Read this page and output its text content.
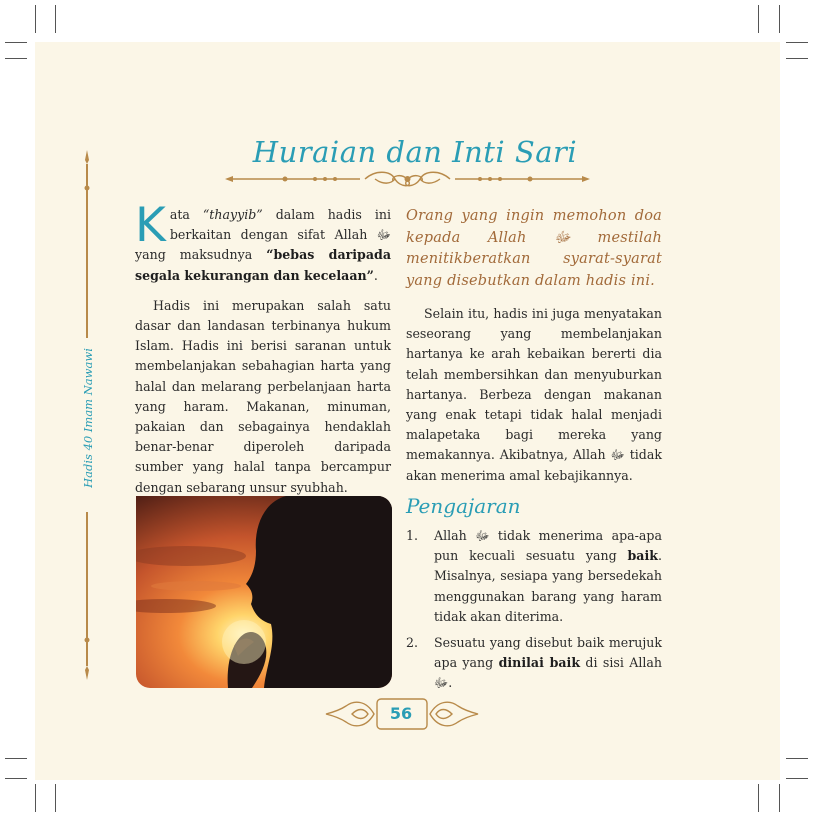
Huraian dan Inti Sari
Hadis 40 Imam Nawawi

Kata “thayyib” dalam hadis ini berkaitan dengan sifat Allah ﷻ yang maksudnya “bebas daripada segala kekurangan dan kecelaan”.

Hadis ini merupakan salah satu dasar dan landasan terbinanya hukum Islam. Hadis ini berisi saranan untuk membelanjakan sebahagian harta yang halal dan melarang perbelanjaan harta yang haram. Makanan, minuman, pakaian dan sebagainya hendaklah benar-benar diperoleh daripada sumber yang halal tanpa bercampur dengan sebarang unsur syubhah.

Orang yang ingin memohon doa kepada Allah ﷻ mestilah menitikberatkan syarat-syarat yang disebutkan dalam hadis ini.

Selain itu, hadis ini juga menyatakan seseorang yang membelanjakan hartanya ke arah kebaikan bererti dia telah membersihkan dan menyuburkan hartanya. Berbeza dengan makanan yang enak tetapi tidak halal menjadi malapetaka bagi mereka yang memakannya. Akibatnya, Allah ﷻ tidak akan menerima amal kebajikannya.

Pengajaran
1. Allah ﷻ tidak menerima apa-apa pun kecuali sesuatu yang baik. Misalnya, sesiapa yang bersedekah menggunakan barang yang haram tidak akan diterima.
2. Sesuatu yang disebut baik merujuk apa yang dinilai baik di sisi Allah ﷻ.
56
